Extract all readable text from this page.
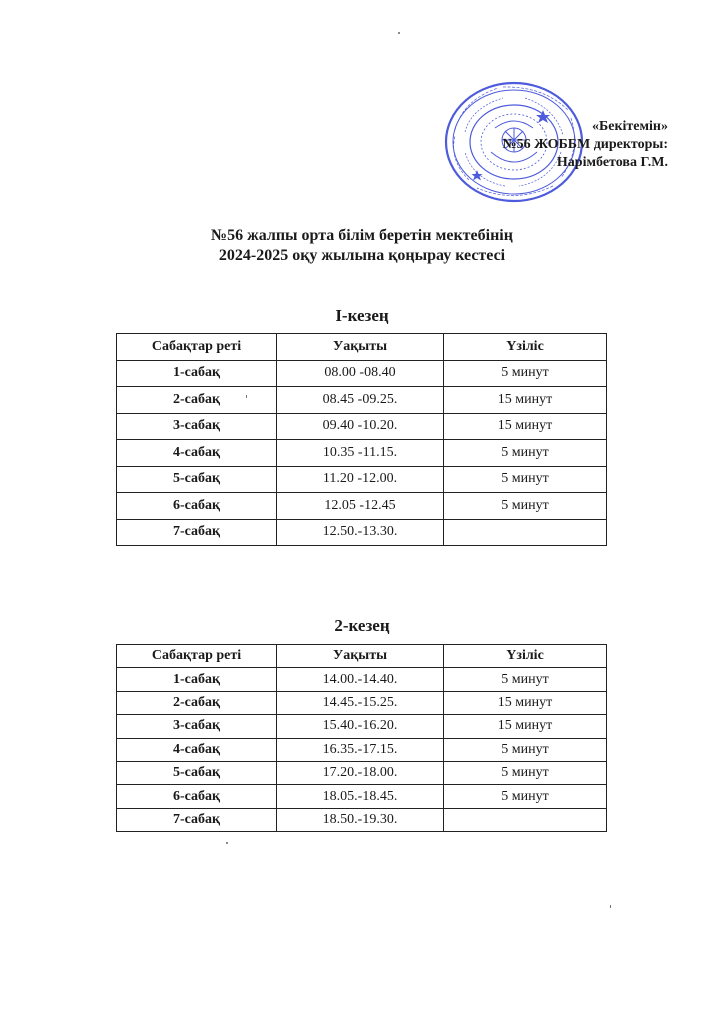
«Бекітемін»
№56 ЖОББМ директоры:
Нарімбетова Г.М.
№56 жалпы орта білім беретін мектебінің
2024-2025 оқу жылына қоңырау кестесі
І-кезең
Сабақтар реті	Уақыты	Үзіліс
1-сабақ	08.00 -08.40	5 минут
2-сабақ	08.45 -09.25.	15 минут
3-сабақ	09.40 -10.20.	15 минут
4-сабақ	10.35 -11.15.	5 минут
5-сабақ	11.20 -12.00.	5 минут
6-сабақ	12.05 -12.45	5 минут
7-сабақ	12.50.-13.30.	
2-кезең
Сабақтар реті	Уақыты	Үзіліс
1-сабақ	14.00.-14.40.	5 минут
2-сабақ	14.45.-15.25.	15 минут
3-сабақ	15.40.-16.20.	15 минут
4-сабақ	16.35.-17.15.	5 минут
5-сабақ	17.20.-18.00.	5 минут
6-сабақ	18.05.-18.45.	5 минут
7-сабақ	18.50.-19.30.	
